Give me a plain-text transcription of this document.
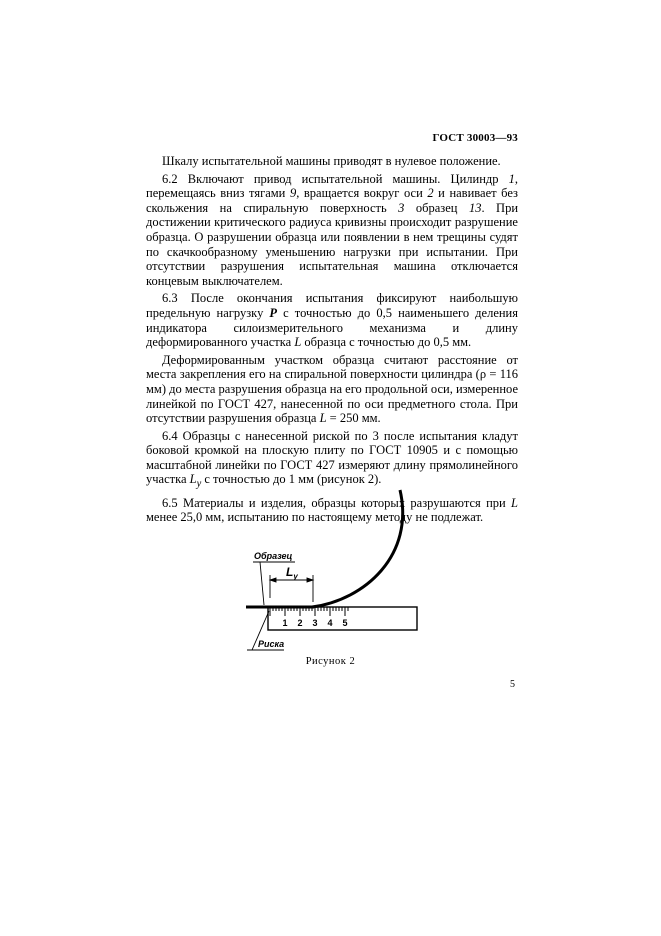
ГОСТ 30003—93

Шкалу испытательной машины приводят в нулевое положение.

6.2 Включают привод испытательной машины. Цилиндр 1, перемещаясь вниз тягами 9, вращается вокруг оси 2 и навивает без скольжения на спиральную поверхность 3 образец 13. При достижении критического радиуса кривизны происходит разрушение образца. О разрушении образца или появлении в нем трещины судят по скачкообразному уменьшению нагрузки при испытании. При отсутствии разрушения испытательная машина отключается концевым выключателем.

6.3 После окончания испытания фиксируют наибольшую предельную нагрузку P с точностью до 0,5 наименьшего деления индикатора силоизмерительного механизма и длину деформированного участка L образца с точностью до 0,5 мм.

Деформированным участком образца считают расстояние от места закрепления его на спиральной поверхности цилиндра (ρ = 116 мм) до места разрушения образца на его продольной оси, измеренное линейкой по ГОСТ 427, нанесенной по оси предметного стола. При отсутствии разрушения образца L = 250 мм.

6.4 Образцы с нанесенной риской по 3 после испытания кладут боковой кромкой на плоскую плиту по ГОСТ 10905 и с помощью масштабной линейки по ГОСТ 427 измеряют длину прямолинейного участка $L_у$ с точностью до 1 мм (рисунок 2).

6.5 Материалы и изделия, образцы которых разрушаются при L менее 25,0 мм, испытанию по настоящему методу не подлежат.

1 2 3 4 5
$L_у$
Образец
Риска
Рисунок 2
5
